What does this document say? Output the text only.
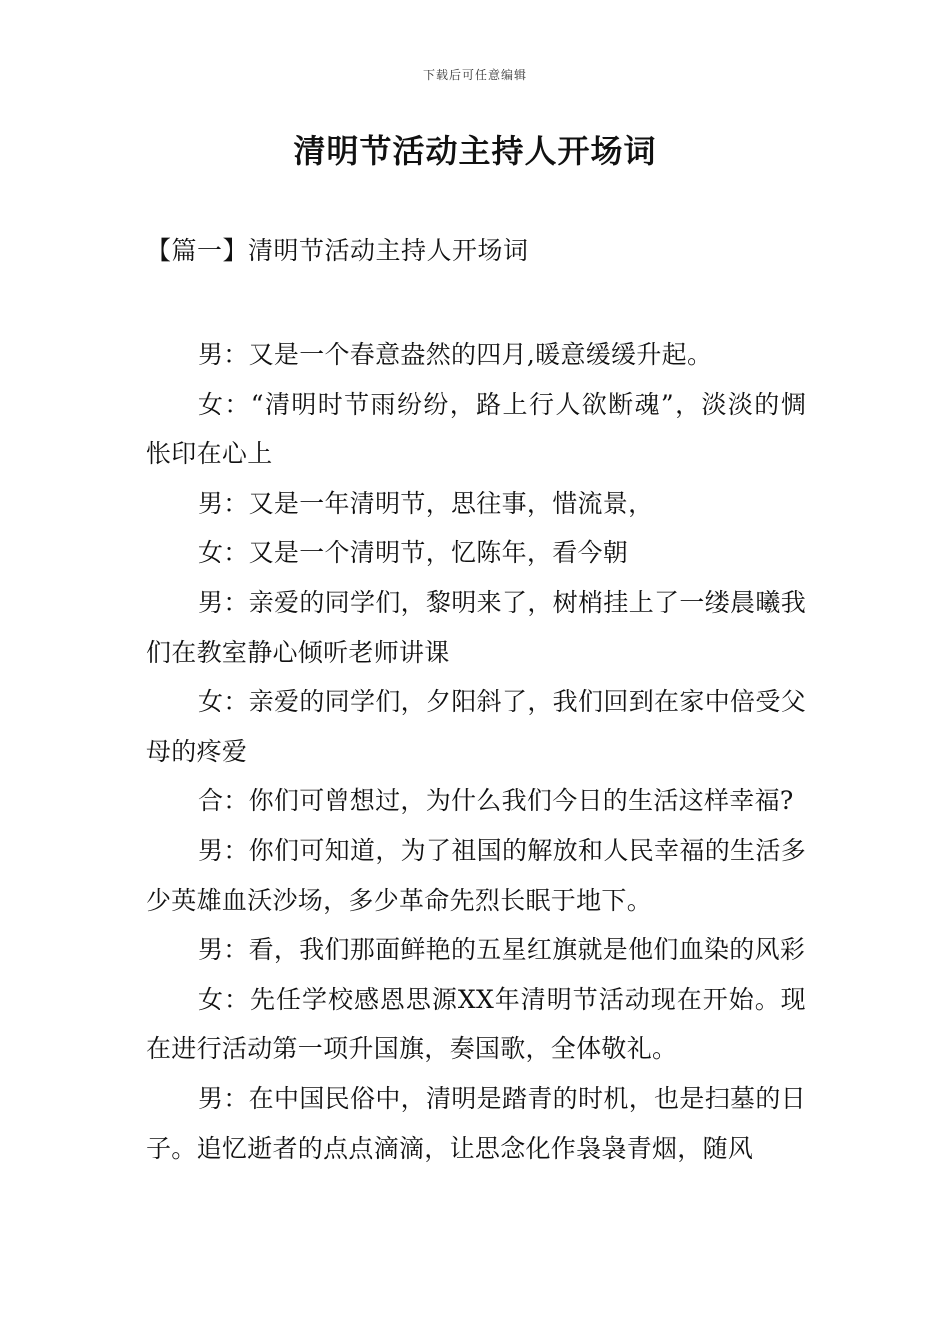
下载后可任意编辑
清明节活动主持人开场词
【篇一】清明节活动主持人开场词

男：又是一个春意盎然的四月,暖意缓缓升起。

女：“清明时节雨纷纷，路上行人欲断魂”，淡淡的惆怅印在心上

男：又是一年清明节，思往事，惜流景，

女：又是一个清明节，忆陈年，看今朝

男：亲爱的同学们，黎明来了，树梢挂上了一缕晨曦我们在教室静心倾听老师讲课

女：亲爱的同学们，夕阳斜了，我们回到在家中倍受父母的疼爱

合：你们可曾想过，为什么我们今日的生活这样幸福?

男：你们可知道，为了祖国的解放和人民幸福的生活多少英雄血沃沙场，多少革命先烈长眠于地下。

男：看，我们那面鲜艳的五星红旗就是他们血染的风彩

女：先任学校感恩思源XX年清明节活动现在开始。现在进行活动第一项升国旗，奏国歌，全体敬礼。

男：在中国民俗中，清明是踏青的时机，也是扫墓的日子。追忆逝者的点点滴滴，让思念化作袅袅青烟，随风
